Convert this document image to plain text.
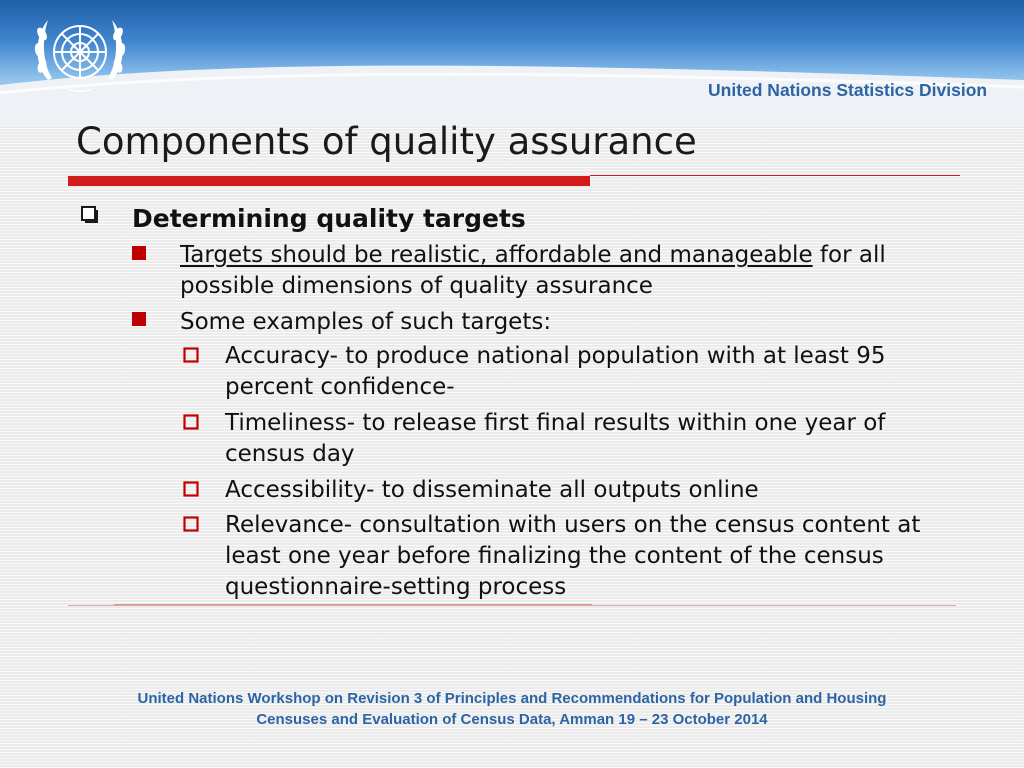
United Nations Statistics Division
Components of quality assurance
Determining quality targets
Targets should be realistic, affordable and manageable for all
possible dimensions of quality assurance
Some examples of such targets:
Accuracy- to produce national population with at least 95
percent confidence-
Timeliness- to release first final results within one year of
census day
Accessibility- to disseminate all outputs online
Relevance- consultation with users on the census content at
least one year before finalizing the content of the census
questionnaire-setting process
United Nations Workshop on Revision 3 of Principles and Recommendations for Population and Housing
Censuses and Evaluation of Census Data, Amman 19 – 23 October 2014
